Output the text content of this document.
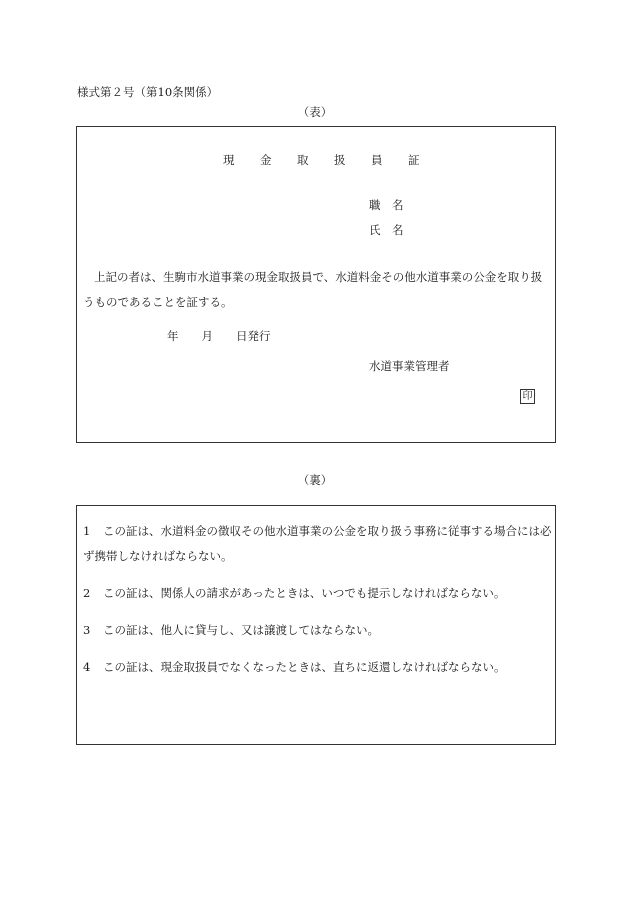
様式第２号（第10条関係）
（表）
現 金 取 扱 員 証
職　名
氏　名
上記の者は、生駒市水道事業の現金取扱員で、水道料金その他水道事業の公金を取り扱
うものであることを証する。
年　　月　　日発行
水道事業管理者
印
（裏）
1 この証は、水道料金の徴収その他水道事業の公金を取り扱う事務に従事する場合には必ず携帯しなければならない。
2 この証は、関係人の請求があったときは、いつでも提示しなければならない。
3 この証は、他人に貸与し、又は譲渡してはならない。
4 この証は、現金取扱員でなくなったときは、直ちに返還しなければならない。
